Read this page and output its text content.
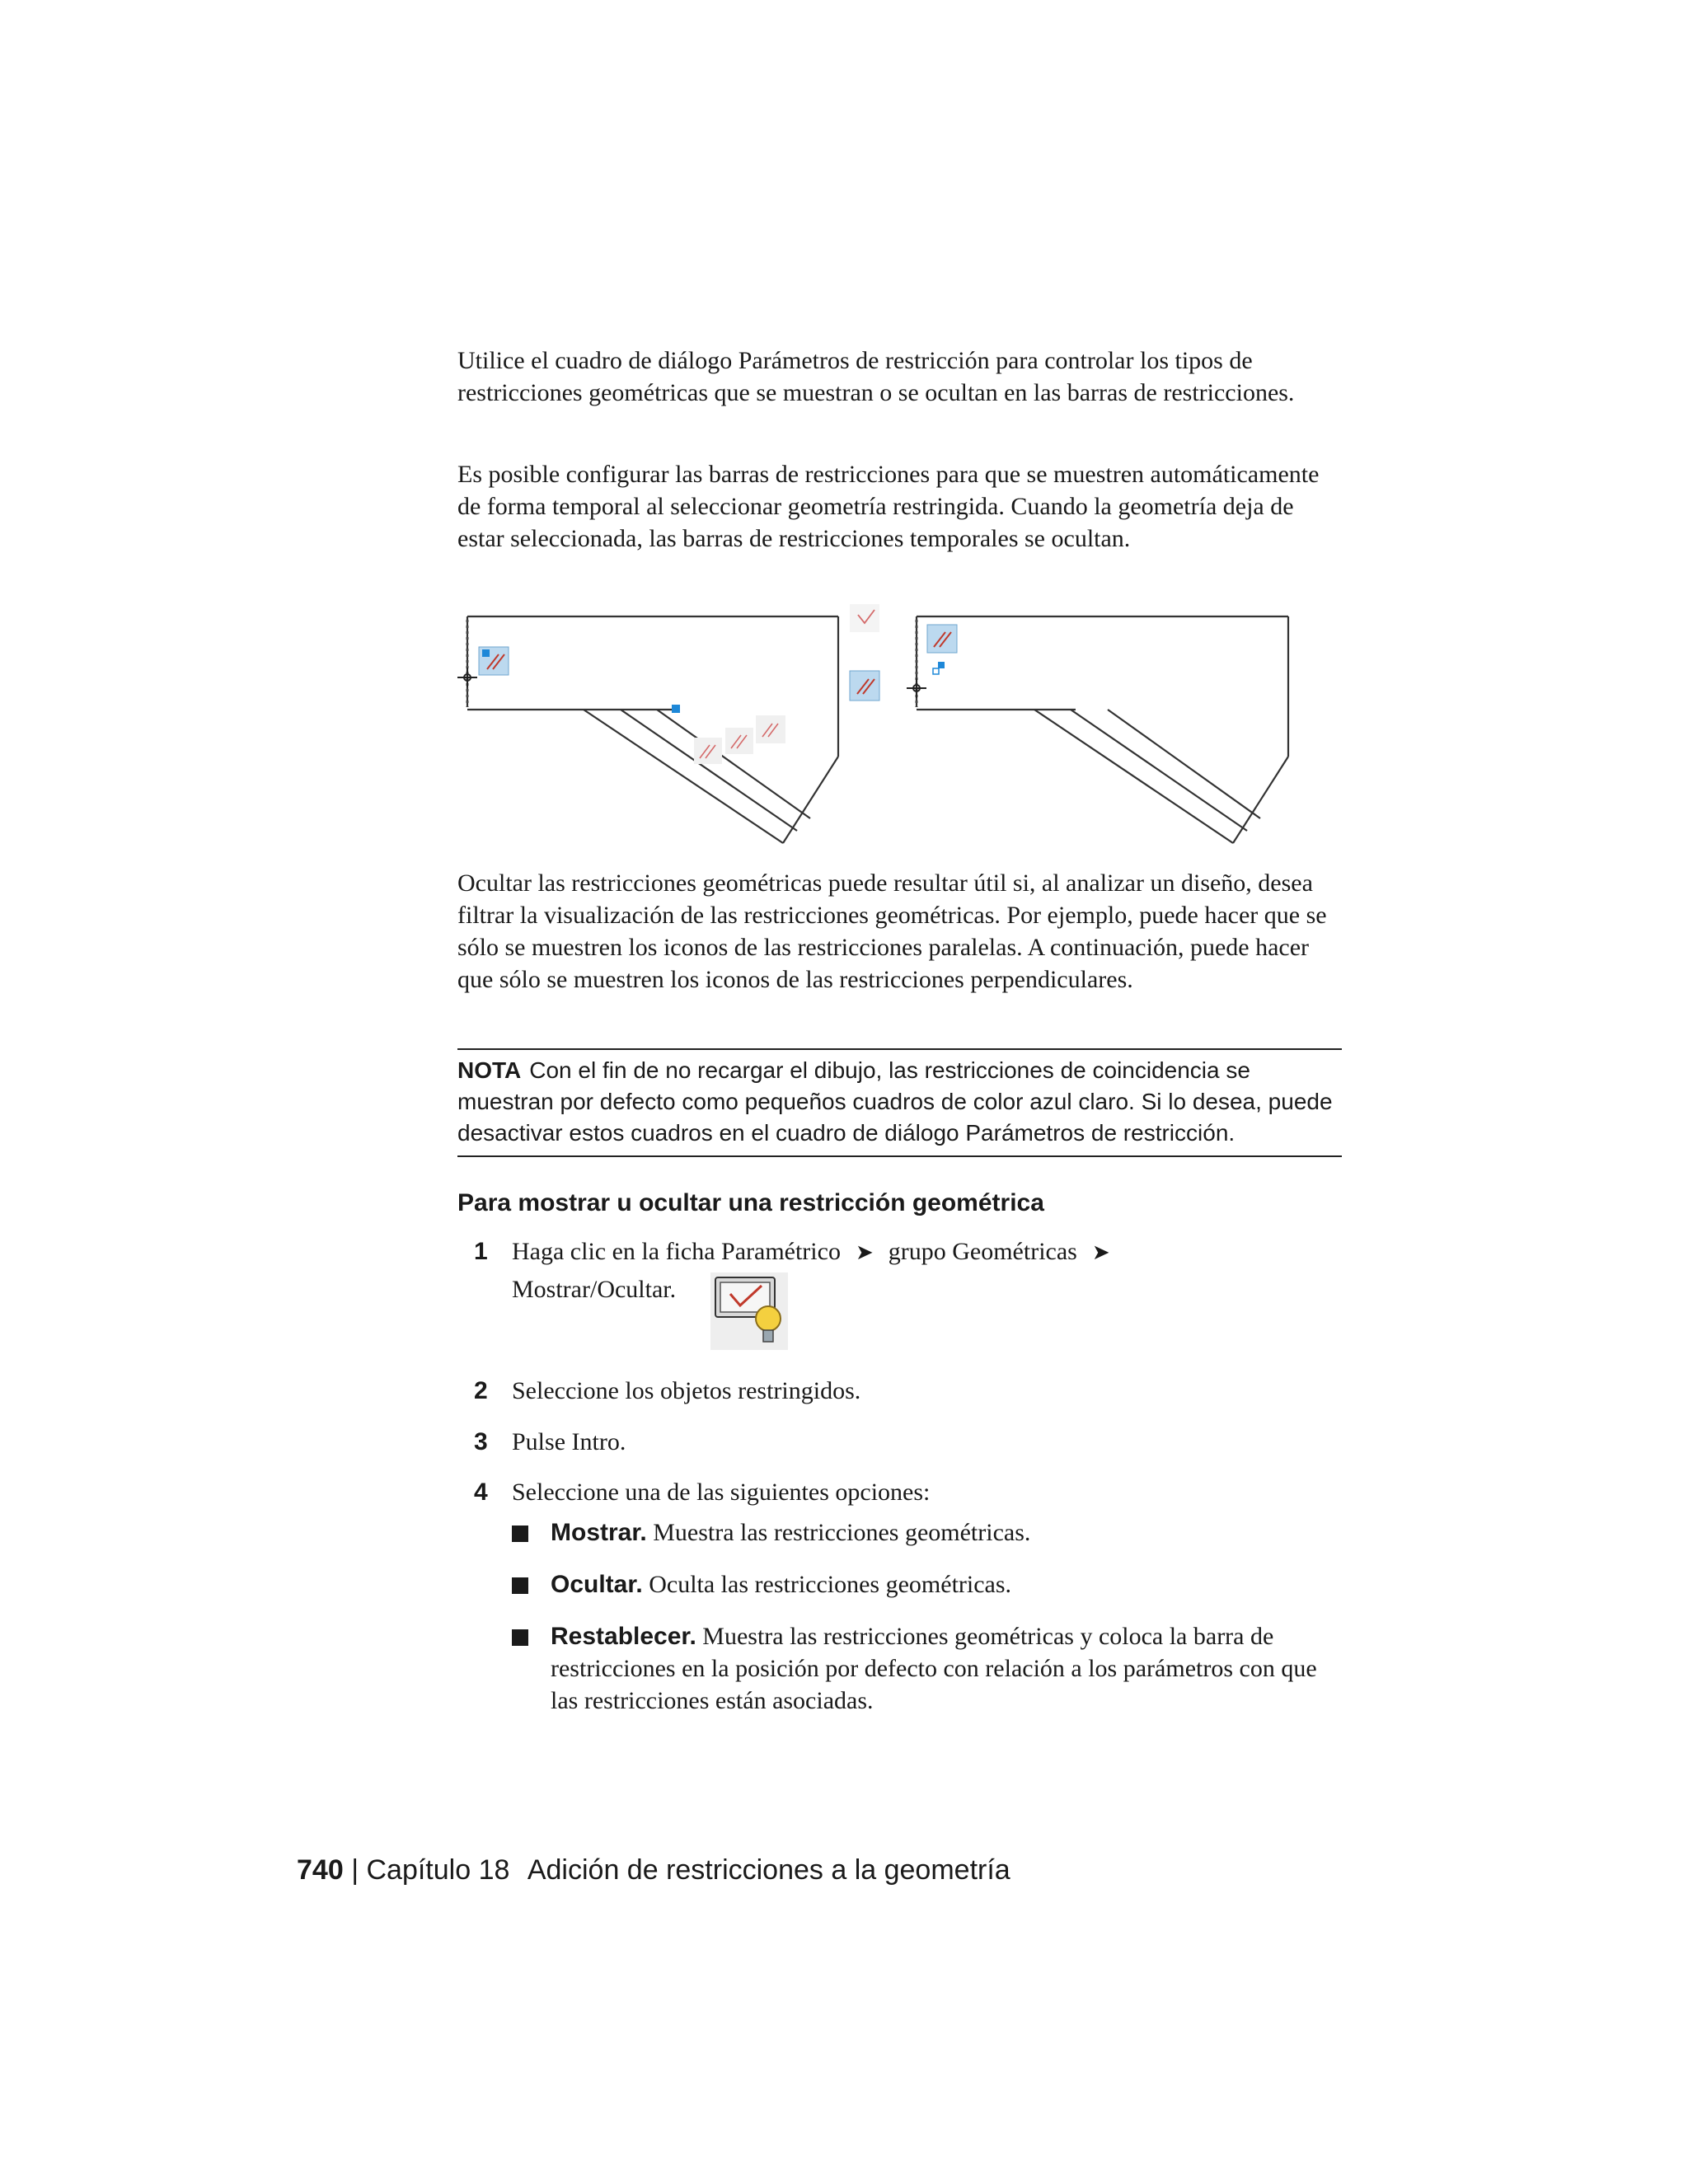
Utilice el cuadro de diálogo Parámetros de restricción para controlar los tipos de restricciones geométricas que se muestran o se ocultan en las barras de restricciones.

Es posible configurar las barras de restricciones para que se muestren automáticamente de forma temporal al seleccionar geometría restringida. Cuando la geometría deja de estar seleccionada, las barras de restricciones temporales se ocultan.

Ocultar las restricciones geométricas puede resultar útil si, al analizar un diseño, desea filtrar la visualización de las restricciones geométricas. Por ejemplo, puede hacer que se sólo se muestren los iconos de las restricciones paralelas. A continuación, puede hacer que sólo se muestren los iconos de las restricciones perpendiculares.

NOTA Con el fin de no recargar el dibujo, las restricciones de coincidencia se muestran por defecto como pequeños cuadros de color azul claro. Si lo desea, puede desactivar estos cuadros en el cuadro de diálogo Parámetros de restricción.
Para mostrar u ocultar una restricción geométrica
1 Haga clic en la ficha Paramétrico ➤ grupo Geométricas ➤
Mostrar/Ocultar.
2 Seleccione los objetos restringidos.
3 Pulse Intro.
4 Seleccione una de las siguientes opciones:
Mostrar. Muestra las restricciones geométricas.
Ocultar. Oculta las restricciones geométricas.
Restablecer. Muestra las restricciones geométricas y coloca la barra de restricciones en la posición por defecto con relación a los parámetros con que las restricciones están asociadas.
740 | Capítulo 18 Adición de restricciones a la geometría
